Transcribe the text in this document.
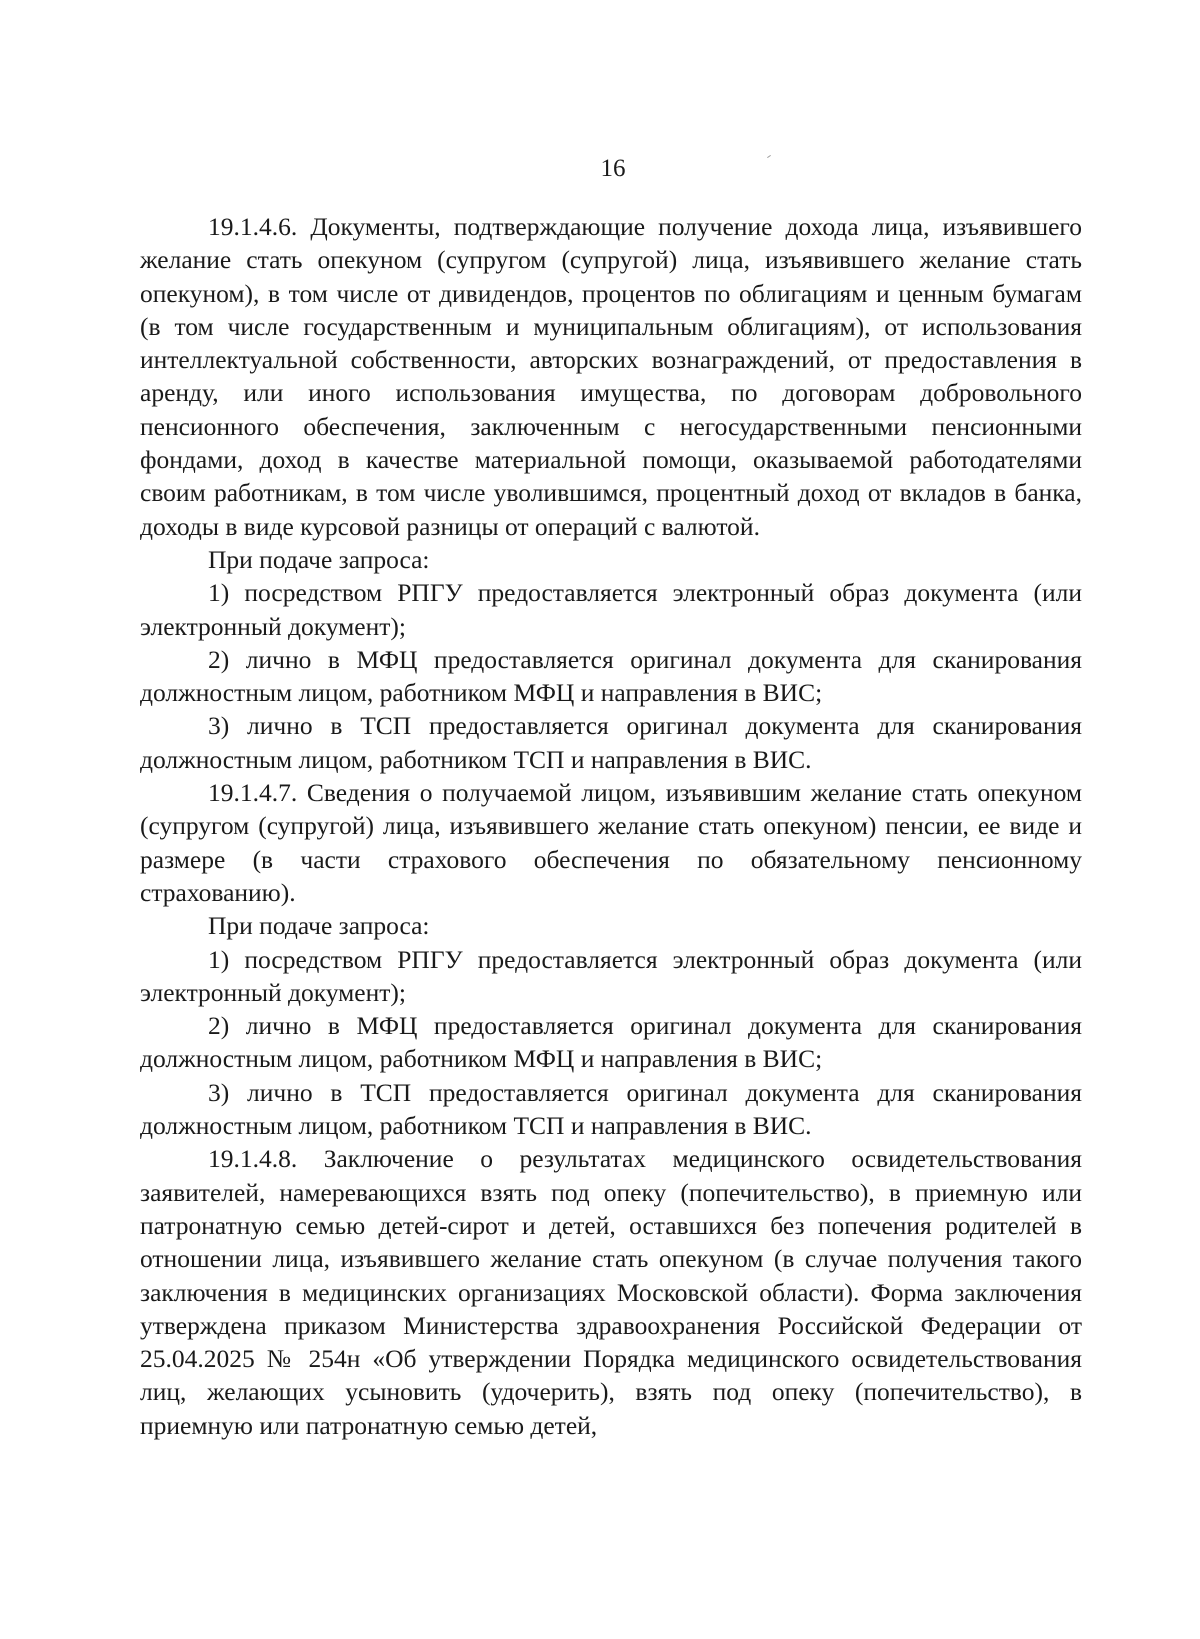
16

19.1.4.6. Документы, подтверждающие получение дохода лица, изъявившего желание стать опекуном (супругом (супругой) лица, изъявившего желание стать опекуном), в том числе от дивидендов, процентов по облигациям и ценным бумагам (в том числе государственным и муниципальным облигациям), от использования интеллектуальной собственности, авторских вознаграждений, от предоставления в аренду, или иного использования имущества, по договорам добровольного пенсионного обеспечения, заключенным с негосударственными пенсионными фондами, доход в качестве материальной помощи, оказываемой работодателями своим работникам, в том числе уволившимся, процентный доход от вкладов в банка, доходы в виде курсовой разницы от операций с валютой.

При подаче запроса:

1) посредством РПГУ предоставляется электронный образ документа (или электронный документ);

2) лично в МФЦ предоставляется оригинал документа для сканирования должностным лицом, работником МФЦ и направления в ВИС;

3) лично в ТСП предоставляется оригинал документа для сканирования должностным лицом, работником ТСП и направления в ВИС.

19.1.4.7. Сведения о получаемой лицом, изъявившим желание стать опекуном (супругом (супругой) лица, изъявившего желание стать опекуном) пенсии, ее виде и размере (в части страхового обеспечения по обязательному пенсионному страхованию).

При подаче запроса:

1) посредством РПГУ предоставляется электронный образ документа (или электронный документ);

2) лично в МФЦ предоставляется оригинал документа для сканирования должностным лицом, работником МФЦ и направления в ВИС;

3) лично в ТСП предоставляется оригинал документа для сканирования должностным лицом, работником ТСП и направления в ВИС.

19.1.4.8. Заключение о результатах медицинского освидетельствования заявителей, намеревающихся взять под опеку (попечительство), в приемную или патронатную семью детей-сирот и детей, оставшихся без попечения родителей в отношении лица, изъявившего желание стать опекуном (в случае получения такого заключения в медицинских организациях Московской области). Форма заключения утверждена приказом Министерства здравоохранения Российской Федерации от 25.04.2025 № 254н «Об утверждении Порядка медицинского освидетельствования лиц, желающих усыновить (удочерить), взять под опеку (попечительство), в приемную или патронатную семью детей,
